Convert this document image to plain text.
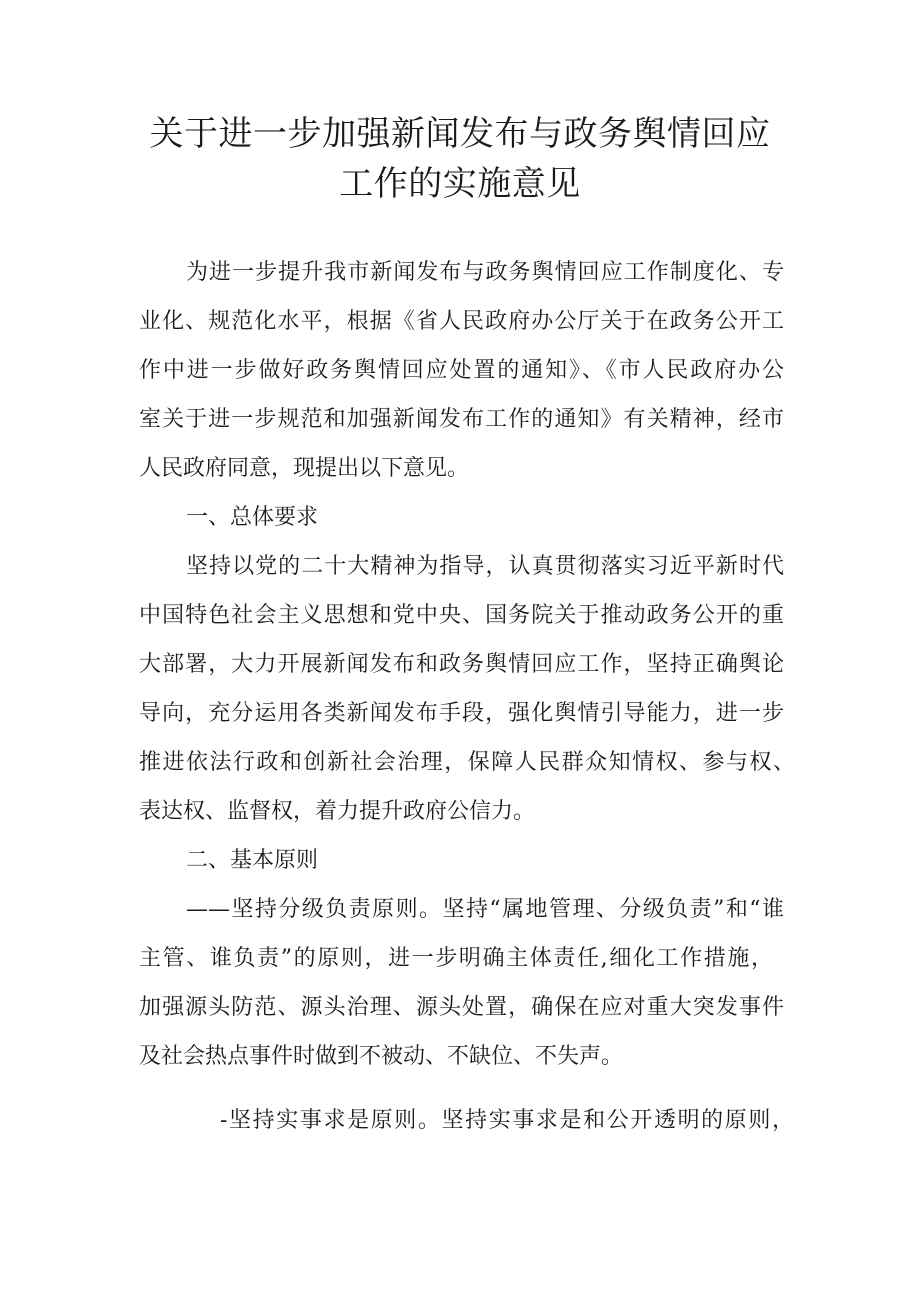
关于进一步加强新闻发布与政务舆情回应
工作的实施意见
为进一步提升我市新闻发布与政务舆情回应工作制度化、专
业化、规范化水平，根据《省人民政府办公厅关于在政务公开工
作中进一步做好政务舆情回应处置的通知》、《市人民政府办公
室关于进一步规范和加强新闻发布工作的通知》有关精神，经市
人民政府同意，现提出以下意见。
一、总体要求
坚持以党的二十大精神为指导，认真贯彻落实习近平新时代
中国特色社会主义思想和党中央、国务院关于推动政务公开的重
大部署，大力开展新闻发布和政务舆情回应工作，坚持正确舆论
导向，充分运用各类新闻发布手段，强化舆情引导能力，进一步
推进依法行政和创新社会治理，保障人民群众知情权、参与权、
表达权、监督权，着力提升政府公信力。
二、基本原则
——坚持分级负责原则。坚持“属地管理、分级负责”和“谁
主管、谁负责”的原则，进一步明确主体责任,细化工作措施，
加强源头防范、源头治理、源头处置，确保在应对重大突发事件
及社会热点事件时做到不被动、不缺位、不失声。
-坚持实事求是原则。坚持实事求是和公开透明的原则，
